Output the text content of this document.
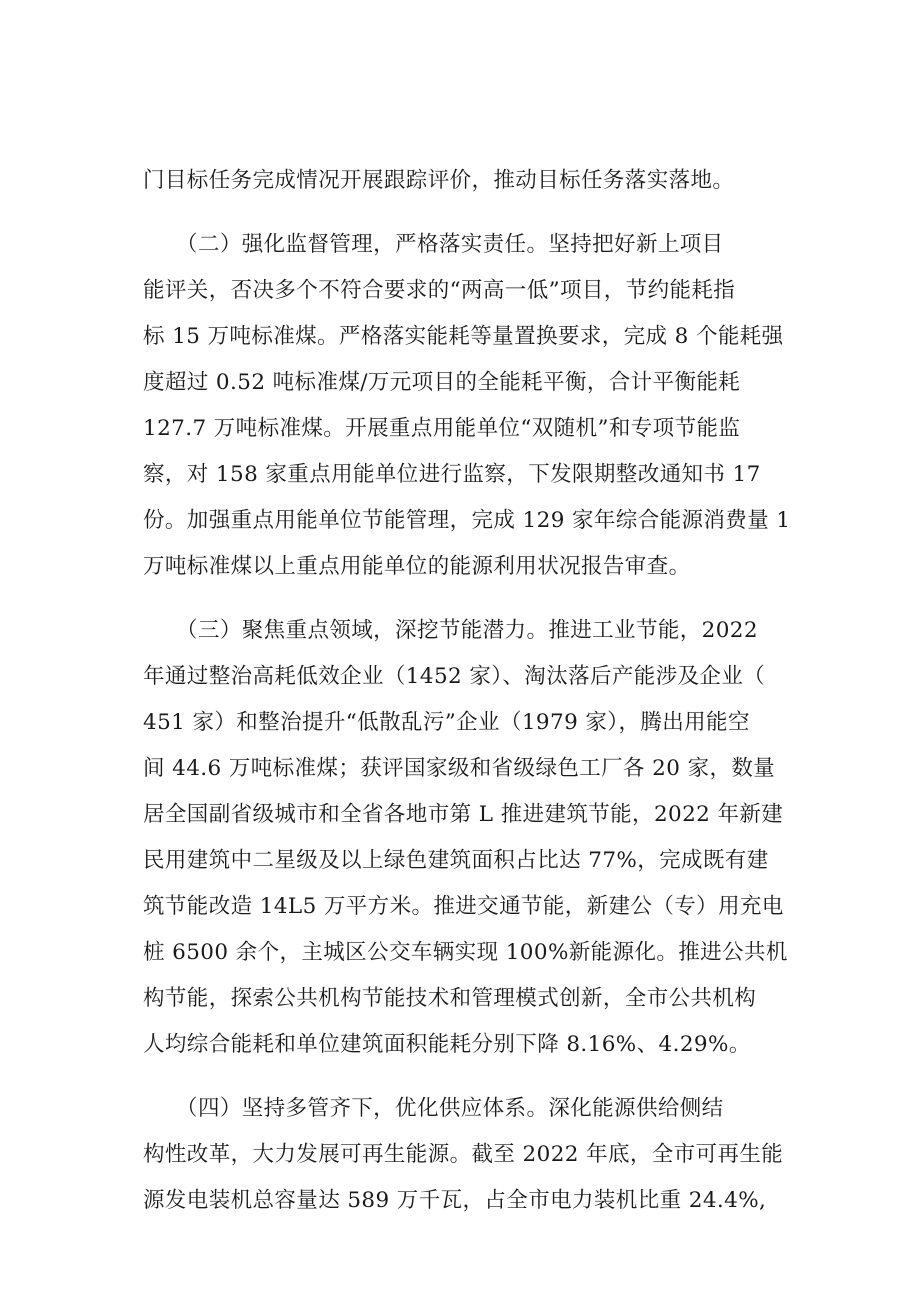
门目标任务完成情况开展跟踪评价，推动目标任务落实落地。
　　（二）强化监督管理，严格落实责任。坚持把好新上项目
能评关，否决多个不符合要求的“两高一低”项目，节约能耗指
标 15 万吨标准煤。严格落实能耗等量置换要求，完成 8 个能耗强
度超过 0.52 吨标准煤/万元项目的全能耗平衡，合计平衡能耗
127.7 万吨标准煤。开展重点用能单位“双随机”和专项节能监
察，对 158 家重点用能单位进行监察，下发限期整改通知书 17
份。加强重点用能单位节能管理，完成 129 家年综合能源消费量 1
万吨标准煤以上重点用能单位的能源利用状况报告审查。
　　（三）聚焦重点领域，深挖节能潜力。推进工业节能，2022
年通过整治高耗低效企业（1452 家）、淘汰落后产能涉及企业（
451 家）和整治提升“低散乱污”企业（1979 家），腾出用能空
间 44.6 万吨标准煤；获评国家级和省级绿色工厂各 20 家，数量
居全国副省级城市和全省各地市第 L 推进建筑节能，2022 年新建
民用建筑中二星级及以上绿色建筑面积占比达 77%，完成既有建
筑节能改造 14L5 万平方米。推进交通节能，新建公（专）用充电
桩 6500 余个，主城区公交车辆实现 100%新能源化。推进公共机
构节能，探索公共机构节能技术和管理模式创新，全市公共机构
人均综合能耗和单位建筑面积能耗分别下降 8.16%、4.29%。
　　（四）坚持多管齐下，优化供应体系。深化能源供给侧结
构性改革，大力发展可再生能源。截至 2022 年底，全市可再生能
源发电装机总容量达 589 万千瓦，占全市电力装机比重 24.4%,
